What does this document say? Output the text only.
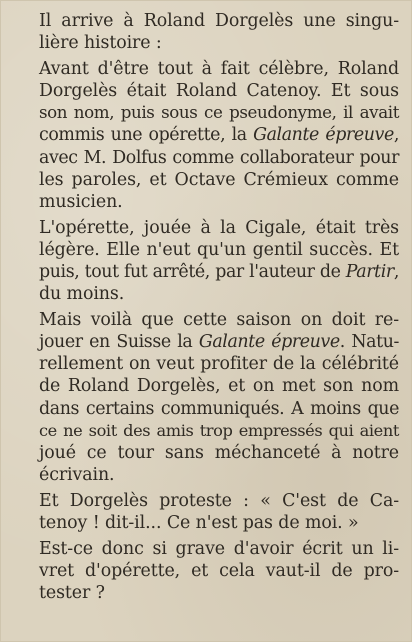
Il arrive à Roland Dorgelès une singu-
lière histoire :

Avant d'être tout à fait célèbre, Roland
Dorgelès était Roland Catenoy. Et sous
son nom, puis sous ce pseudonyme, il avait
commis une opérette, la Galante épreuve,
avec M. Dolfus comme collaborateur pour
les paroles, et Octave Crémieux comme
musicien.

L'opérette, jouée à la Cigale, était très
légère. Elle n'eut qu'un gentil succès. Et
puis, tout fut arrêté, par l'auteur de Partir,
du moins.

Mais voilà que cette saison on doit re-
jouer en Suisse la Galante épreuve. Natu-
rellement on veut profiter de la célébrité
de Roland Dorgelès, et on met son nom
dans certains communiqués. A moins que
ce ne soit des amis trop empressés qui aient
joué ce tour sans méchanceté à notre
écrivain.

Et Dorgelès proteste : « C'est de Ca-
tenoy ! dit-il... Ce n'est pas de moi. »

Est-ce donc si grave d'avoir écrit un li-
vret d'opérette, et cela vaut-il de pro-
tester ?
